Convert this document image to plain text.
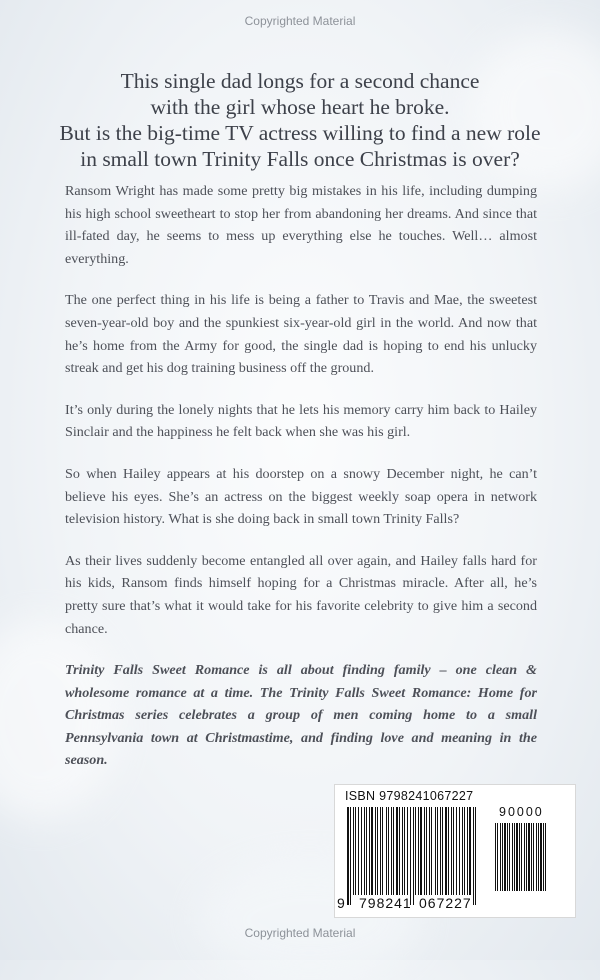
Copyrighted Material
This single dad longs for a second chance
with the girl whose heart he broke.
But is the big-time TV actress willing to find a new role
in small town Trinity Falls once Christmas is over?

Ransom Wright has made some pretty big mistakes in his life, including dumping his high school sweetheart to stop her from abandoning her dreams. And since that ill-fated day, he seems to mess up everything else he touches. Well… almost everything.

The one perfect thing in his life is being a father to Travis and Mae, the sweetest seven-year-old boy and the spunkiest six-year-old girl in the world. And now that he’s home from the Army for good, the single dad is hoping to end his unlucky streak and get his dog training business off the ground.

It’s only during the lonely nights that he lets his memory carry him back to Hailey Sinclair and the happiness he felt back when she was his girl.

So when Hailey appears at his doorstep on a snowy December night, he can’t believe his eyes. She’s an actress on the biggest weekly soap opera in network television history. What is she doing back in small town Trinity Falls?

As their lives suddenly become entangled all over again, and Hailey falls hard for his kids, Ransom finds himself hoping for a Christmas miracle. After all, he’s pretty sure that’s what it would take for his favorite celebrity to give him a second chance.

Trinity Falls Sweet Romance is all about finding family – one clean & wholesome romance at a time. The Trinity Falls Sweet Romance: Home for Christmas series celebrates a group of men coming home to a small Pennsylvania town at Christmastime, and finding love and meaning in the season.

ISBN 9798241067227
90000
9 798241 067227
Copyrighted Material
